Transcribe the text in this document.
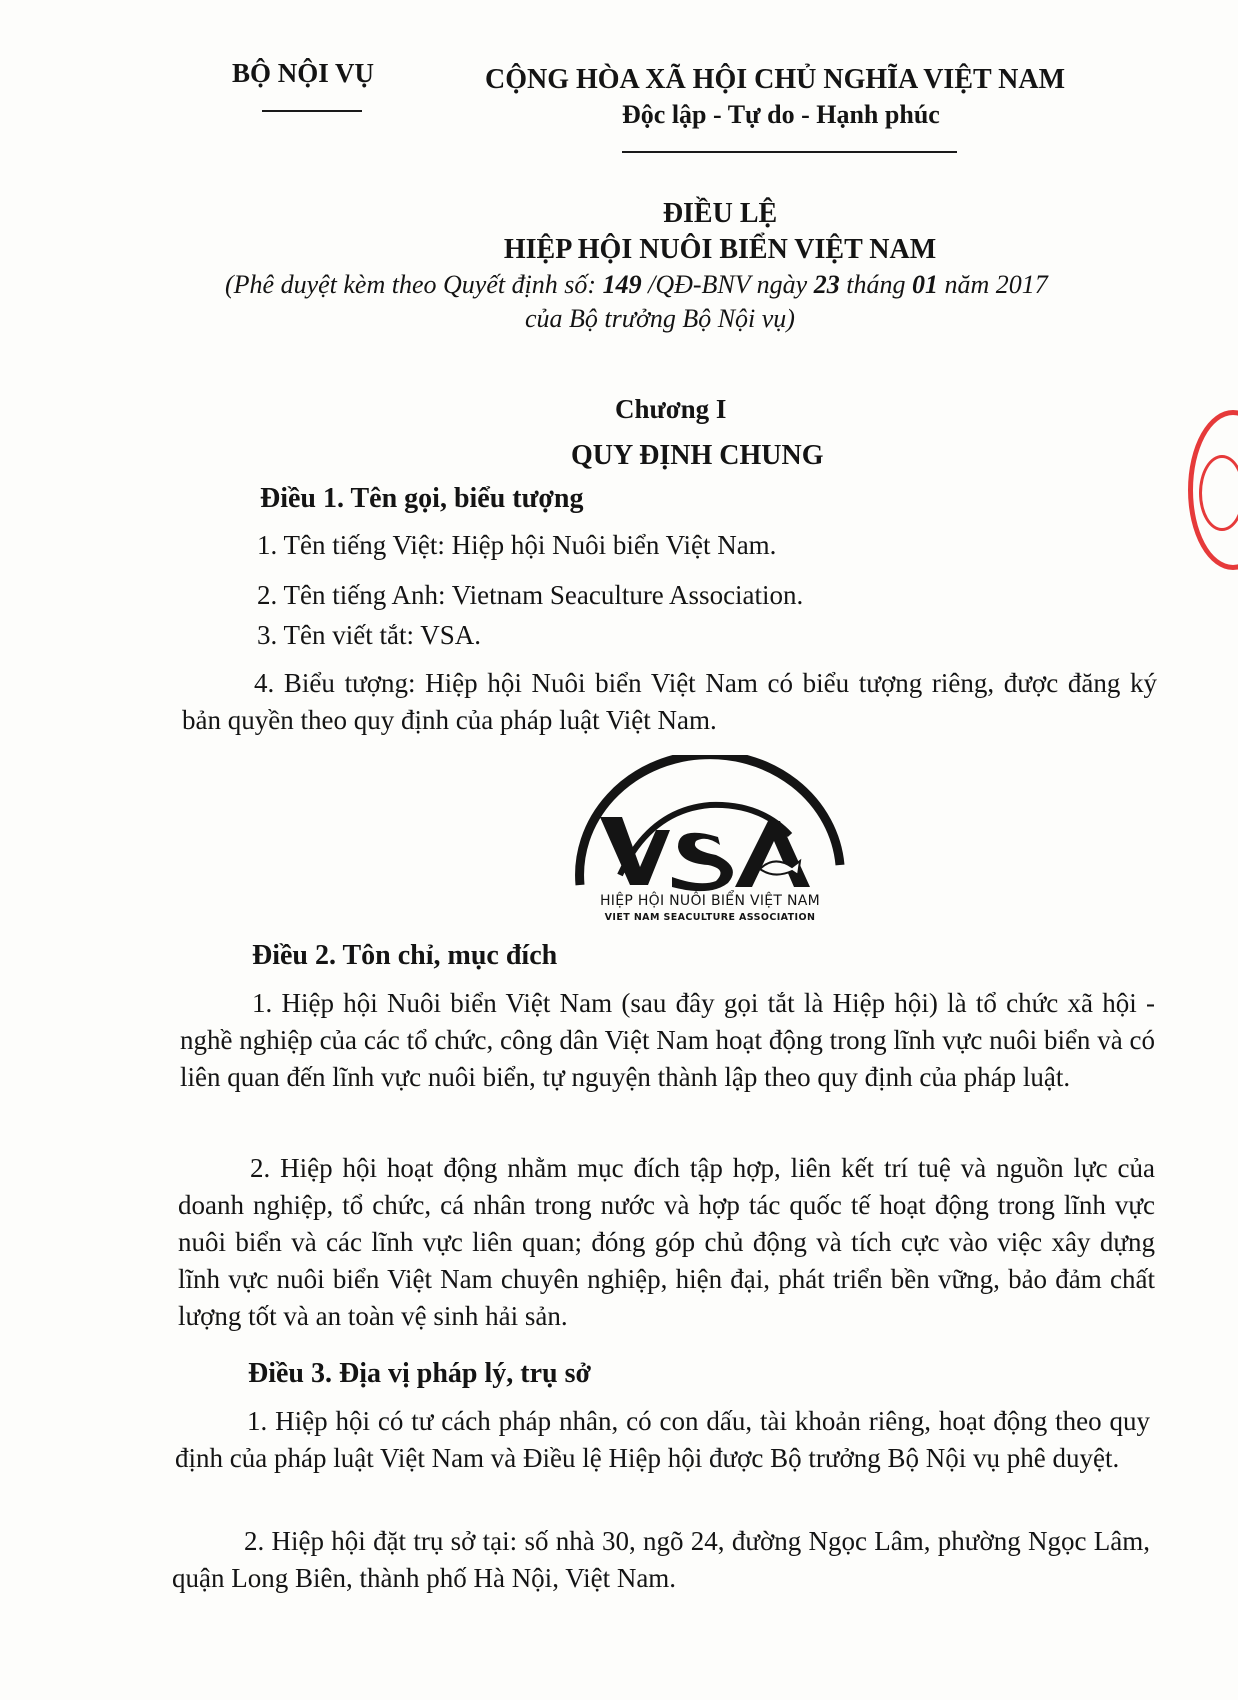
BỘ NỘI VỤ	CỘNG HÒA XÃ HỘI CHỦ NGHĨA VIỆT NAM
Độc lập - Tự do - Hạnh phúc
ĐIỀU LỆ
HIỆP HỘI NUÔI BIỂN VIỆT NAM
(Phê duyệt kèm theo Quyết định số: 149 /QĐ-BNV ngày 23 tháng 01 năm 2017
của Bộ trưởng Bộ Nội vụ)
Chương I
QUY ĐỊNH CHUNG
Điều 1. Tên gọi, biểu tượng
1. Tên tiếng Việt: Hiệp hội Nuôi biển Việt Nam.
2. Tên tiếng Anh: Vietnam Seaculture Association.
3. Tên viết tắt: VSA.
4. Biểu tượng: Hiệp hội Nuôi biển Việt Nam có biểu tượng riêng, được đăng ký bản quyền theo quy định của pháp luật Việt Nam.
HIỆP HỘI NUÔI BIỂN VIỆT NAM
VIET NAM SEACULTURE ASSOCIATION
Điều 2. Tôn chỉ, mục đích
1. Hiệp hội Nuôi biển Việt Nam (sau đây gọi tắt là Hiệp hội) là tổ chức xã hội - nghề nghiệp của các tổ chức, công dân Việt Nam hoạt động trong lĩnh vực nuôi biển và có liên quan đến lĩnh vực nuôi biển, tự nguyện thành lập theo quy định của pháp luật.
2. Hiệp hội hoạt động nhằm mục đích tập hợp, liên kết trí tuệ và nguồn lực của doanh nghiệp, tổ chức, cá nhân trong nước và hợp tác quốc tế hoạt động trong lĩnh vực nuôi biển và các lĩnh vực liên quan; đóng góp chủ động và tích cực vào việc xây dựng lĩnh vực nuôi biển Việt Nam chuyên nghiệp, hiện đại, phát triển bền vững, bảo đảm chất lượng tốt và an toàn vệ sinh hải sản.
Điều 3. Địa vị pháp lý, trụ sở
1. Hiệp hội có tư cách pháp nhân, có con dấu, tài khoản riêng, hoạt động theo quy định của pháp luật Việt Nam và Điều lệ Hiệp hội được Bộ trưởng Bộ Nội vụ phê duyệt.
2. Hiệp hội đặt trụ sở tại: số nhà 30, ngõ 24, đường Ngọc Lâm, phường Ngọc Lâm, quận Long Biên, thành phố Hà Nội, Việt Nam.
